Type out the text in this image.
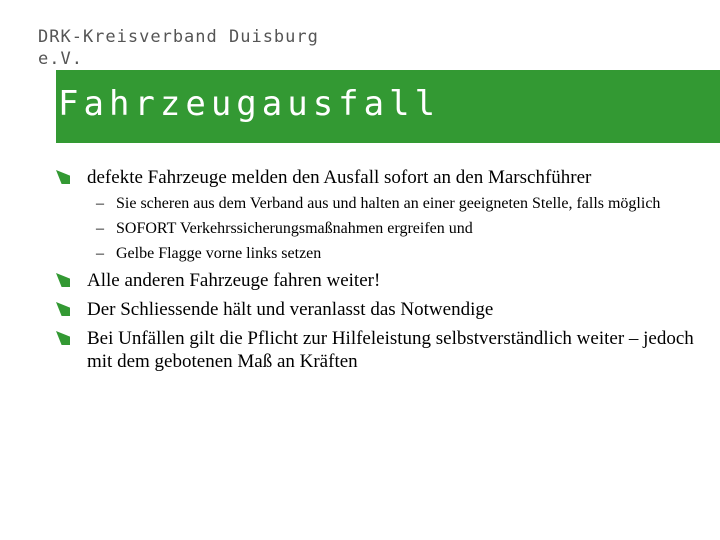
DRK-Kreisverband Duisburg
e.V.
Fahrzeugausfall
defekte Fahrzeuge melden den Ausfall sofort an den Marschführer
– Sie scheren aus dem Verband aus und halten an einer geeigneten Stelle, falls möglich
– SOFORT Verkehrssicherungsmaßnahmen ergreifen und
– Gelbe Flagge vorne links setzen
Alle anderen Fahrzeuge fahren weiter!
Der Schliessende hält und veranlasst das Notwendige
Bei Unfällen gilt die Pflicht zur Hilfeleistung selbstverständlich weiter – jedoch mit dem gebotenen Maß an Kräften
